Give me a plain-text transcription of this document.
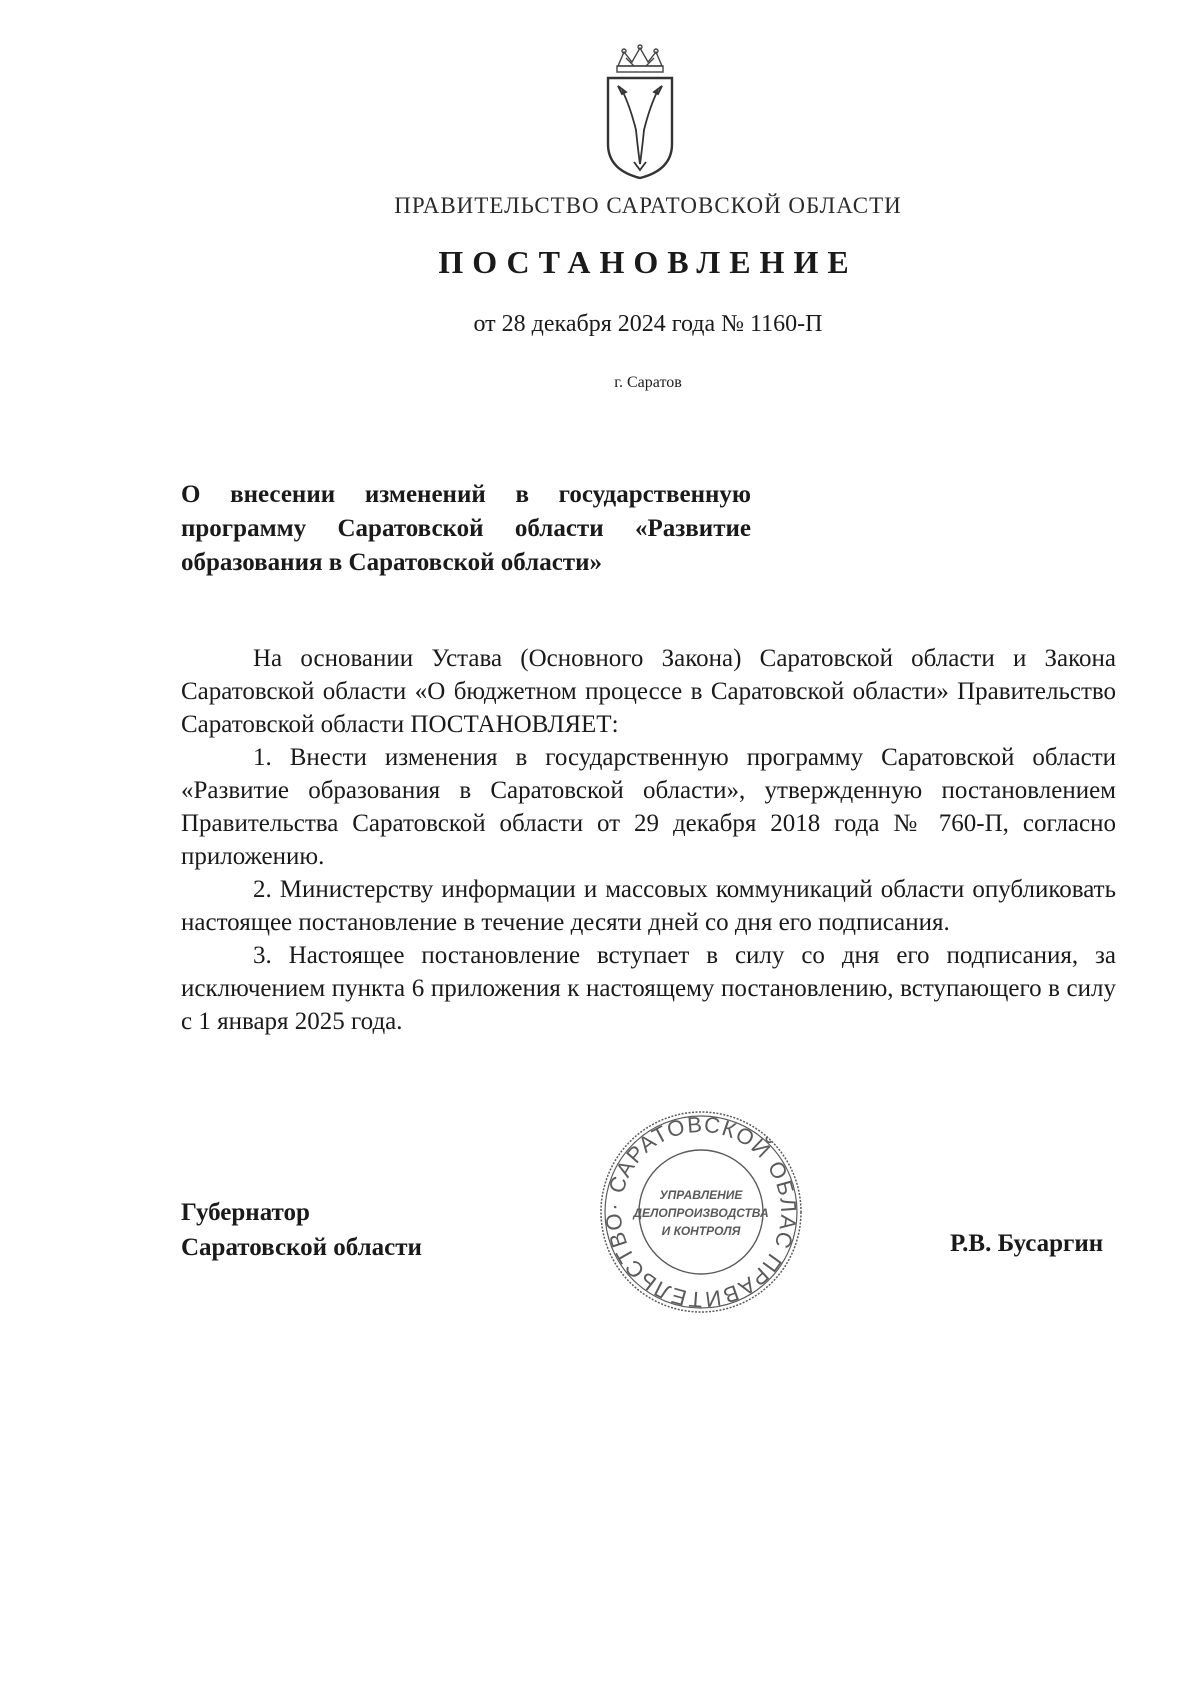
ПРАВИТЕЛЬСТВО САРАТОВСКОЙ ОБЛАСТИ
ПОСТАНОВЛЕНИЕ
от 28 декабря 2024 года № 1160-П
г. Саратов
О внесении изменений в государственную программу Саратовской области «Развитие образования в Саратовской области»

На основании Устава (Основного Закона) Саратовской области и Закона Саратовской области «О бюджетном процессе в Саратовской области» Правительство Саратовской области ПОСТАНОВЛЯЕТ:

1. Внести изменения в государственную программу Саратовской области «Развитие образования в Саратовской области», утвержденную постановлением Правительства Саратовской области от 29 декабря 2018 года № 760-П, согласно приложению.

2. Министерству информации и массовых коммуникаций области опубликовать настоящее постановление в течение десяти дней со дня его подписания.

3. Настоящее постановление вступает в силу со дня его подписания, за исключением пункта 6 приложения к настоящему постановлению, вступающего в силу с 1 января 2025 года.

Губернатор
Саратовской области
ПРАВИТЕЛЬСТВО· САРАТОВСКОЙ ОБЛАСТИ
УПРАВЛЕНИЕ
ДЕЛОПРОИЗВОДСТВА
И КОНТРОЛЯ	Р.В. Бусаргин
